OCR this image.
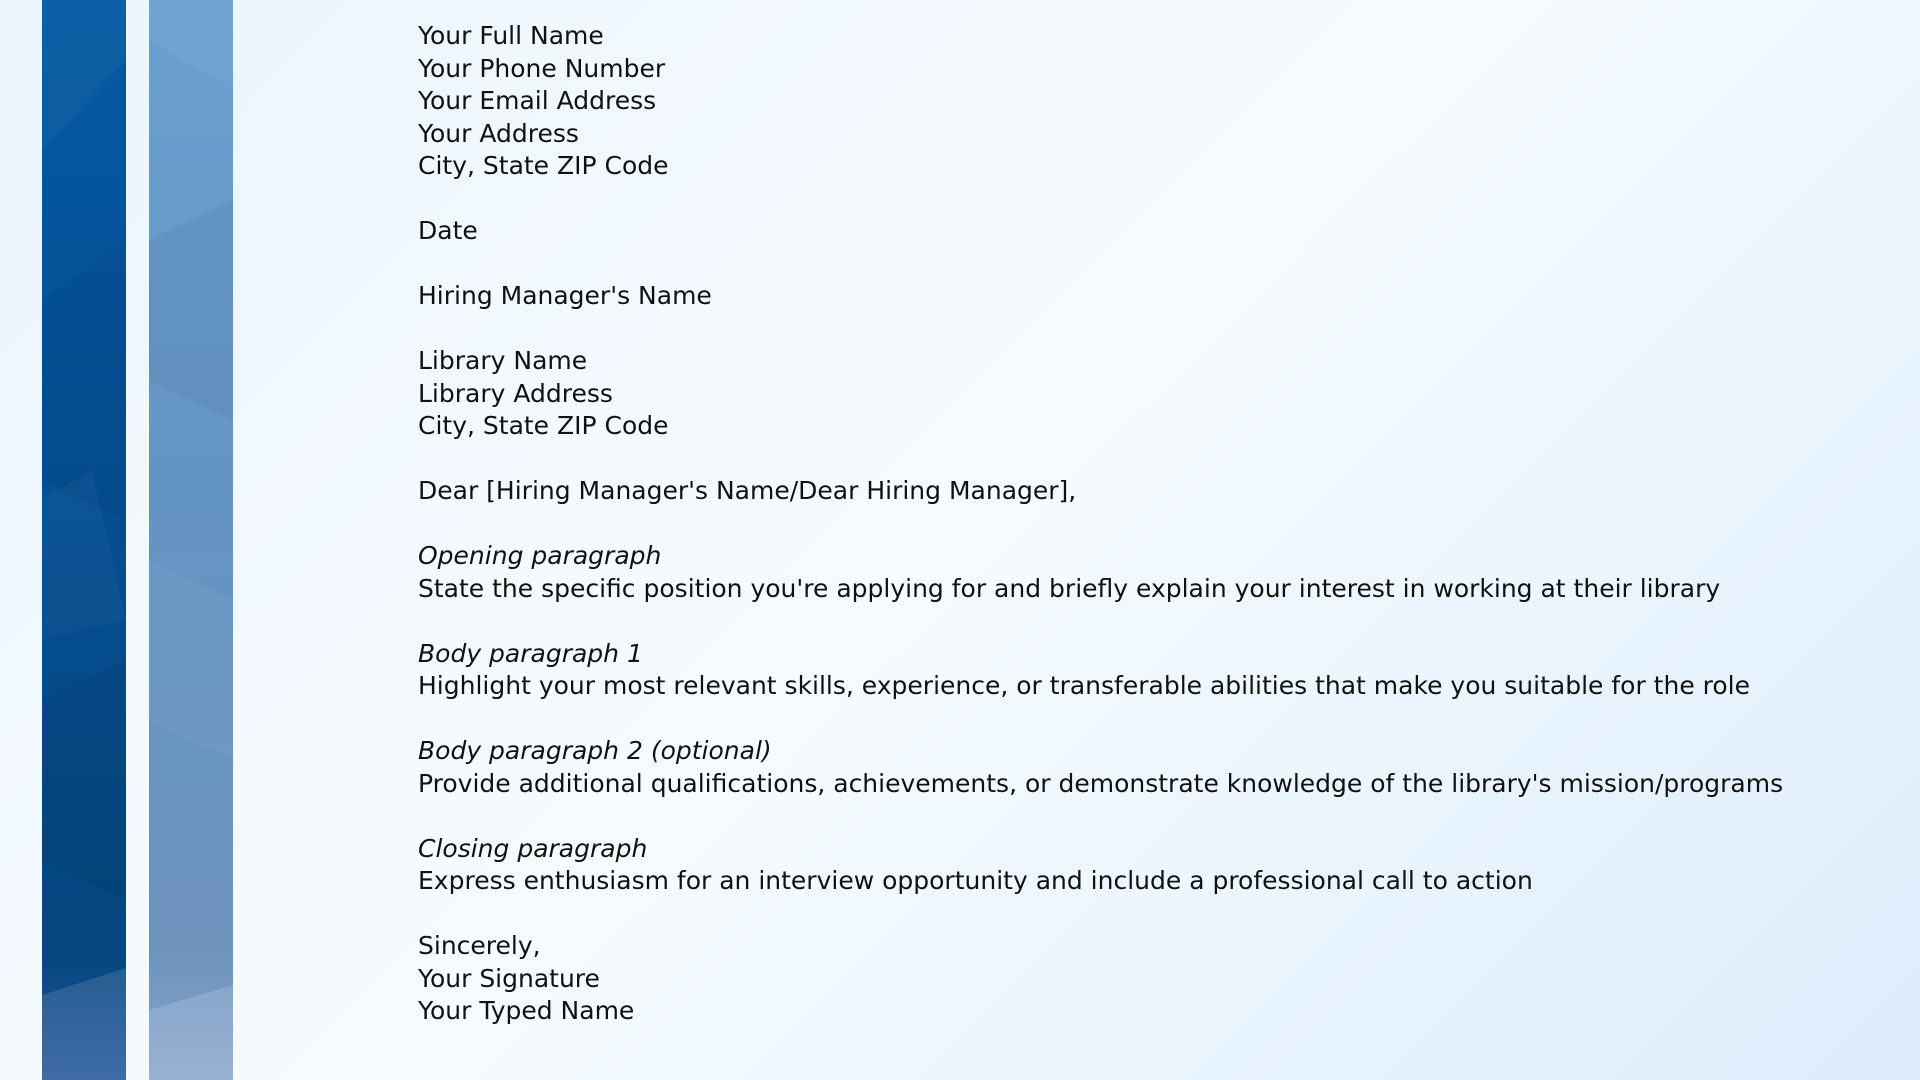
Your Full Name
Your Phone Number
Your Email Address
Your Address
City, State ZIP Code
Date
Hiring Manager's Name
Library Name
Library Address
City, State ZIP Code
Dear [Hiring Manager's Name/Dear Hiring Manager],
Opening paragraph
State the specific position you're applying for and briefly explain your interest in working at their library
Body paragraph 1
Highlight your most relevant skills, experience, or transferable abilities that make you suitable for the role
Body paragraph 2 (optional)
Provide additional qualifications, achievements, or demonstrate knowledge of the library's mission/programs
Closing paragraph
Express enthusiasm for an interview opportunity and include a professional call to action
Sincerely,
Your Signature
Your Typed Name
